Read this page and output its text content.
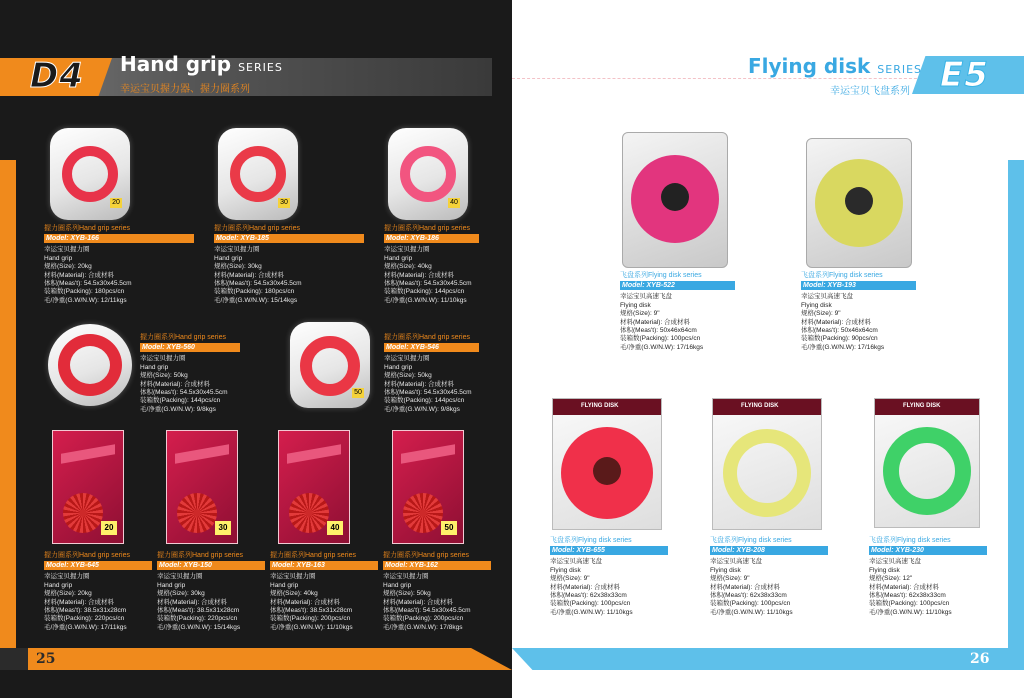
D4 Hand grip SERIES
幸运宝贝握力器、握力圈系列
20	30	40
握力圈系列Hand grip series
Model: XYB-166
幸运宝贝握力圈
Hand grip
规格(Size): 20kg
材料(Material): 合成材料
体积(Meas't): 54.5x30x45.5cm
装箱数(Packing): 180pcs/cn
毛/净重(G.W/N.W): 12/11kgs
握力圈系列Hand grip series
Model: XYB-185
幸运宝贝握力圈
Hand grip
规格(Size): 30kg
材料(Material): 合成材料
体积(Meas't): 54.5x30x45.5cm
装箱数(Packing): 180pcs/cn
毛/净重(G.W/N.W): 15/14kgs
握力圈系列Hand grip series
Model: XYB-186
幸运宝贝握力圈
Hand grip
规格(Size): 40kg
材料(Material): 合成材料
体积(Meas't): 54.5x30x45.5cm
装箱数(Packing): 144pcs/cn
毛/净重(G.W/N.W): 11/10kgs
50
握力圈系列Hand grip series
Model: XYB-560
幸运宝贝握力圈
Hand grip
规格(Size): 50kg
材料(Material): 合成材料
体积(Meas't): 54.5x30x45.5cm
装箱数(Packing): 144pcs/cn
毛/净重(G.W/N.W): 9/8kgs
握力圈系列Hand grip series
Model: XYB-546
幸运宝贝握力圈
Hand grip
规格(Size): 50kg
材料(Material): 合成材料
体积(Meas't): 54.5x30x45.5cm
装箱数(Packing): 144pcs/cn
毛/净重(G.W/N.W): 9/8kgs
20	30	40	50
握力圈系列Hand grip series
Model: XYB-645
幸运宝贝握力圈
Hand grip
规格(Size): 20kg
材料(Material): 合成材料
体积(Meas't): 38.5x31x28cm
装箱数(Packing): 220pcs/cn
毛/净重(G.W/N.W): 17/11kgs
握力圈系列Hand grip series
Model: XYB-150
幸运宝贝握力圈
Hand grip
规格(Size): 30kg
材料(Material): 合成材料
体积(Meas't): 38.5x31x28cm
装箱数(Packing): 220pcs/cn
毛/净重(G.W/N.W): 15/14kgs
握力圈系列Hand grip series
Model: XYB-163
幸运宝贝握力圈
Hand grip
规格(Size): 40kg
材料(Material): 合成材料
体积(Meas't): 38.5x31x28cm
装箱数(Packing): 200pcs/cn
毛/净重(G.W/N.W): 11/10kgs
握力圈系列Hand grip series
Model: XYB-162
幸运宝贝握力圈
Hand grip
规格(Size): 50kg
材料(Material): 合成材料
体积(Meas't): 54.5x30x45.5cm
装箱数(Packing): 200pcs/cn
毛/净重(G.W/N.W): 17/8kgs
25
E5
Flying disk SERIES
幸运宝贝飞盘系列
飞盘系列Flying disk series
Model: XYB-522
幸运宝贝高速飞盘
Flying disk
规格(Size): 9"
材料(Material): 合成材料
体积(Meas't): 50x46x64cm
装箱数(Packing): 100pcs/cn
毛/净重(G.W/N.W): 17/16kgs
飞盘系列Flying disk series
Model: XYB-193
幸运宝贝高速飞盘
Flying disk
规格(Size): 9"
材料(Material): 合成材料
体积(Meas't): 50x46x64cm
装箱数(Packing): 90pcs/cn
毛/净重(G.W/N.W): 17/16kgs
FLYING DISK	FLYING DISK	FLYING DISK
飞盘系列Flying disk series
Model: XYB-655
幸运宝贝高速飞盘
Flying disk
规格(Size): 9"
材料(Material): 合成材料
体积(Meas't): 62x38x33cm
装箱数(Packing): 100pcs/cn
毛/净重(G.W/N.W): 11/10kgs
飞盘系列Flying disk series
Model: XYB-208
幸运宝贝高速飞盘
Flying disk
规格(Size): 9"
材料(Material): 合成材料
体积(Meas't): 62x38x33cm
装箱数(Packing): 100pcs/cn
毛/净重(G.W/N.W): 11/10kgs
飞盘系列Flying disk series
Model: XYB-230
幸运宝贝高速飞盘
Flying disk
规格(Size): 12"
材料(Material): 合成材料
体积(Meas't): 62x38x33cm
装箱数(Packing): 100pcs/cn
毛/净重(G.W/N.W): 11/10kgs
26
